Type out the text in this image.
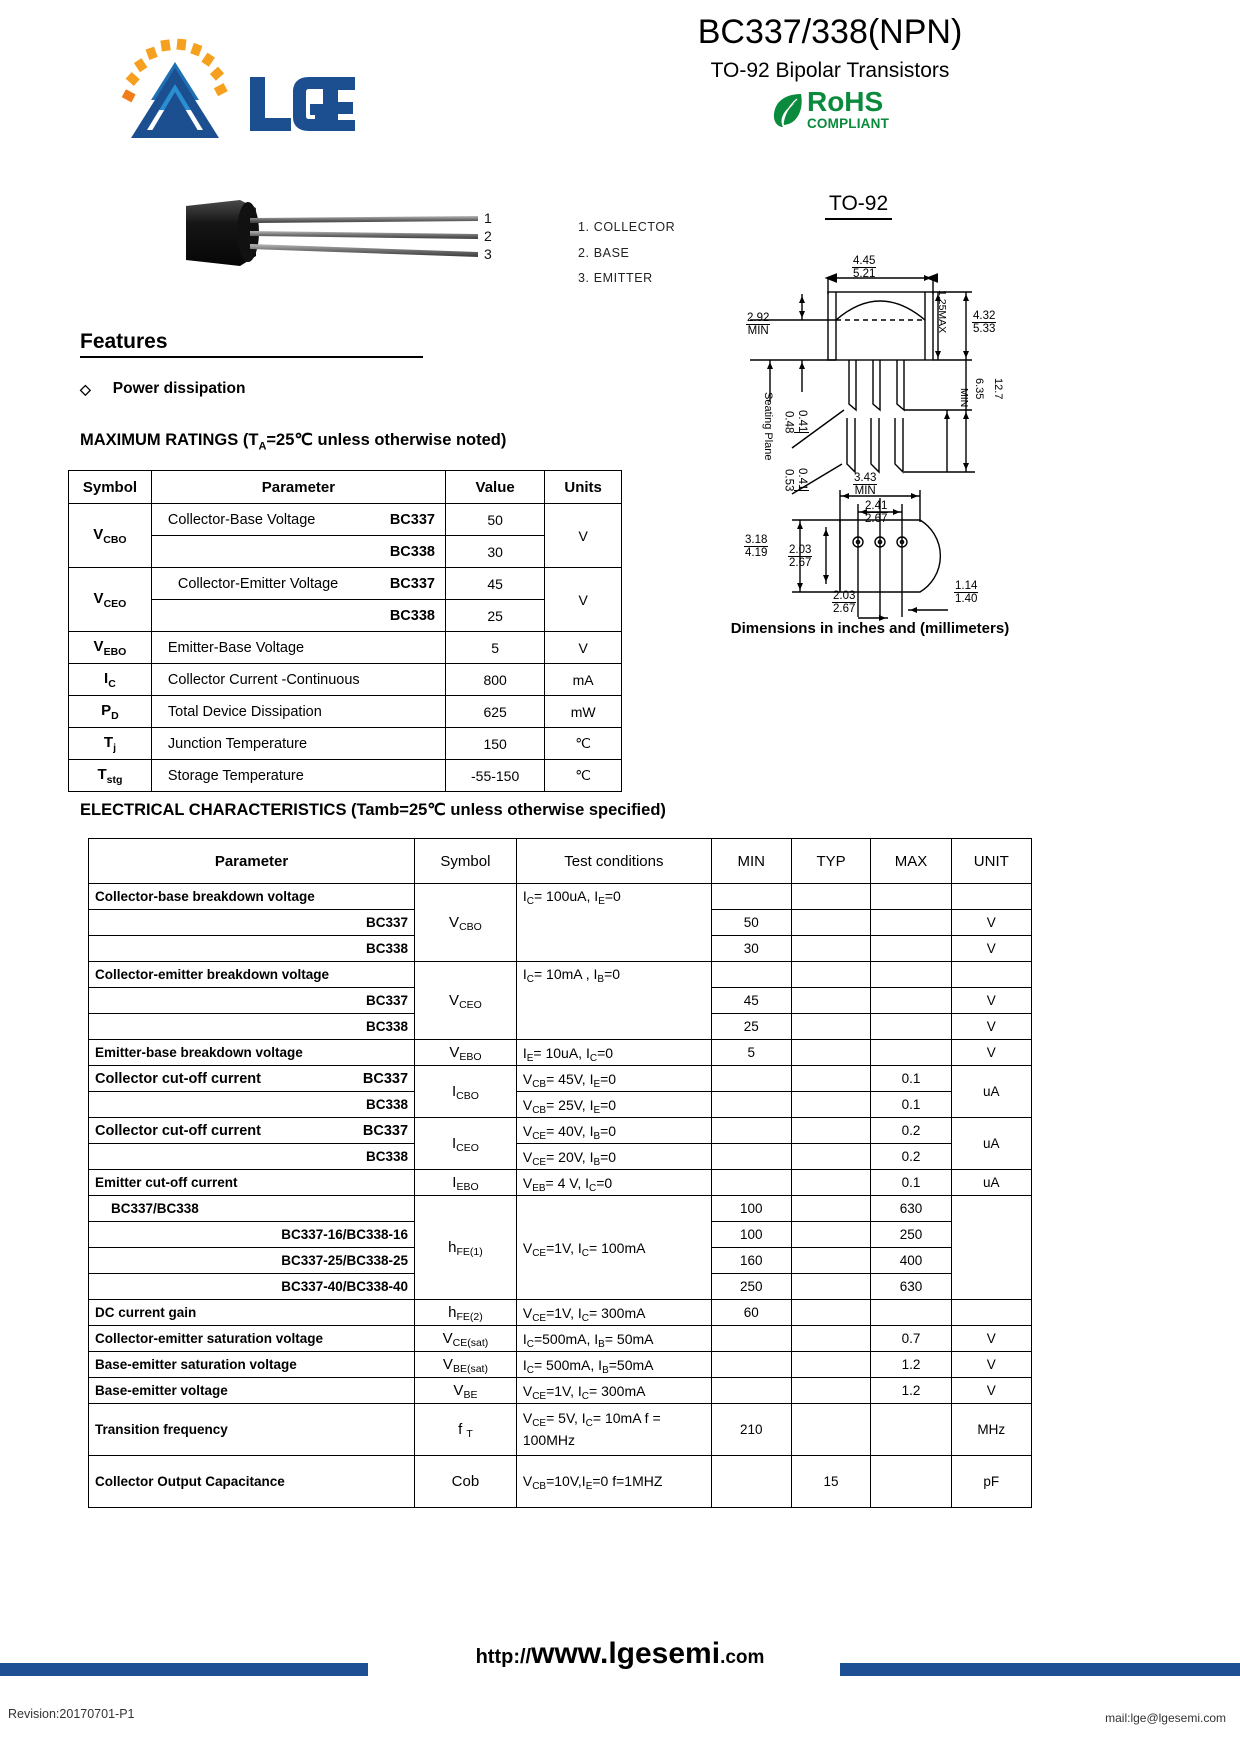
BC337/338(NPN)
TO-92 Bipolar Transistors
RoHS
COMPLIANT
1
2
3
1. COLLECTOR
2. BASE
3. EMITTER
TO-92
$\frac{4.45}{5.21}$
$\frac{2.92}{\text{MIN}}$	$1.25MAX \frac{4.32}{5.33}$
MIN 6.35 12.7
Seating Plane 0.41
0.48
0.41
0.53	$\frac{3.43}{\text{MIN}}$
$\frac{2.41}{2.67}$
$\frac{3.18}{4.19} \frac{2.03}{2.67}$
$\frac{1.14}{1.40}$
$\frac{2.03}{2.67}$
Dimensions in inches and (millimeters)
Features
◇ Power dissipation
MAXIMUM RATINGS ($T_A=25℃$ unless otherwise noted)
Symbol	Parameter	Value	Units
$V_{CBO}$	Collector-Base Voltage BC337	50	V

	BC338	30	
$V_{CEO}$	Collector-Emitter Voltage BC337	45	V

	BC338	25	
$V_{EBO}$	Emitter-Base Voltage	5	V
$I_C$	Collector Current -Continuous	800	mA
$P_D$	Total Device Dissipation	625	mW
$T_j$	Junction Temperature	150	℃
$T_{stg}$	Storage Temperature	-55-150	℃
ELECTRICAL CHARACTERISTICS (Tamb=25℃ unless otherwise specified)
Parameter	Symbol	Test conditions	MIN	TYP	MAX	UNIT
Collector-base breakdown voltage	$V_{CBO}$	$I_C= 100uA$, $I_E=0$				
BC337			50			V
BC338			30			V
Collector-emitter breakdown voltage	$V_{CEO}$	$I_C= 10mA$ , $I_B=0$				
BC337			45			V
BC338			25			V
Emitter-base breakdown voltage	$V_{EBO}$	$I_E= 10uA$, $I_C=0$	5			V

Collector cut-off current BC337	$I_{CBO}$	$V_{CB}= 45V$, $I_E=0$			0.1	uA
BC338		$V_{CB}= 25V$, $I_E=0$			0.1	

Collector cut-off current BC337	$I_{CEO}$	$V_{CE}= 40V$, $I_B=0$			0.2	uA
BC338		$V_{CE}= 20V$, $I_B=0$			0.2	
Emitter cut-off current	$I_{EBO}$	$V_{EB}= 4$ V, $I_C=0$			0.1	uA
BC337/BC338	$h_{FE(1)}$	$V_{CE}=1V$, $I_C= 100mA$	100		630	
BC337-16/BC338-16			100		250	
BC337-25/BC338-25			160		400	
BC337-40/BC338-40			250		630	
DC current gain	$h_{FE(2)}$	$V_{CE}=1V$, $I_C= 300mA$	60			
Collector-emitter saturation voltage	$V_{CE(sat)}$	$I_C=500mA$, $I_B= 50mA$			0.7	V
Base-emitter saturation voltage	$V_{BE(sat)}$	$I_C= 500mA$, $I_B=50mA$			1.2	V
Base-emitter voltage	$V_{BE}$	$V_{CE}=1V$, $I_C= 300mA$			1.2	V
Transition frequency	f $_T$	$V_{CE}= 5V$, $I_C= 10mA$ f = 100MHz	210			MHz
Collector Output Capacitance	Cob	$V_{CB}=10V,I_E=0$ f=1MHZ		15		pF
http://www.lgesemi.com
Revision:20170701-P1	mail:lge@lgesemi.com
